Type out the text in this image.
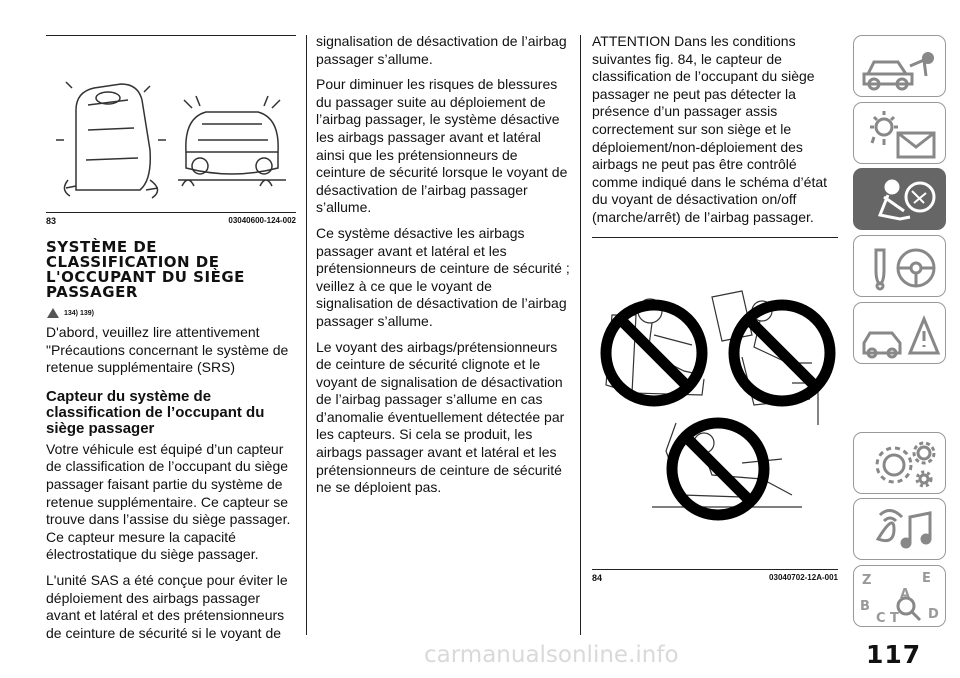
83	03040600-124-002
SYSTÈME DE CLASSIFICATION DE L'OCCUPANT DU SIÈGE PASSAGER
134) 139)

D'abord, veuillez lire attentivement "Précautions concernant le système de retenue supplémentaire (SRS)

Capteur du système de classification de l’occupant du siège passager

Votre véhicule est équipé d’un capteur de classification de l’occupant du siège passager faisant partie du système de retenue supplémentaire. Ce capteur se trouve dans l’assise du siège passager. Ce capteur mesure la capacité électrostatique du siège passager.

L'unité SAS a été conçue pour éviter le déploiement des airbags passager avant et latéral et des prétensionneurs de ceinture de sécurité si le voyant de

signalisation de désactivation de l’airbag passager s’allume.

Pour diminuer les risques de blessures du passager suite au déploiement de l’airbag passager, le système désactive les airbags passager avant et latéral ainsi que les prétensionneurs de ceinture de sécurité lorsque le voyant de désactivation de l’airbag passager s’allume.

Ce système désactive les airbags passager avant et latéral et les prétensionneurs de ceinture de sécurité ; veillez à ce que le voyant de signalisation de désactivation de l’airbag passager s’allume.

Le voyant des airbags/prétensionneurs de ceinture de sécurité clignote et le voyant de signalisation de désactivation de l’airbag passager s’allume en cas d’anomalie éventuellement détectée par les capteurs. Si cela se produit, les airbags passager avant et latéral et les prétensionneurs de ceinture de sécurité ne se déploient pas.

ATTENTION Dans les conditions suivantes fig. 84, le capteur de classification de l’occupant du siège passager ne peut pas détecter la présence d’un passager assis correctement sur son siège et le déploiement/non-déploiement des airbags ne peut pas être contrôlé comme indiqué dans le schéma d’état du voyant de désactivation on/off (marche/arrêt) de l’airbag passager.

84	03040702-12A-001 Z	E
A
B
C T D
carmanualsonline.info	117
